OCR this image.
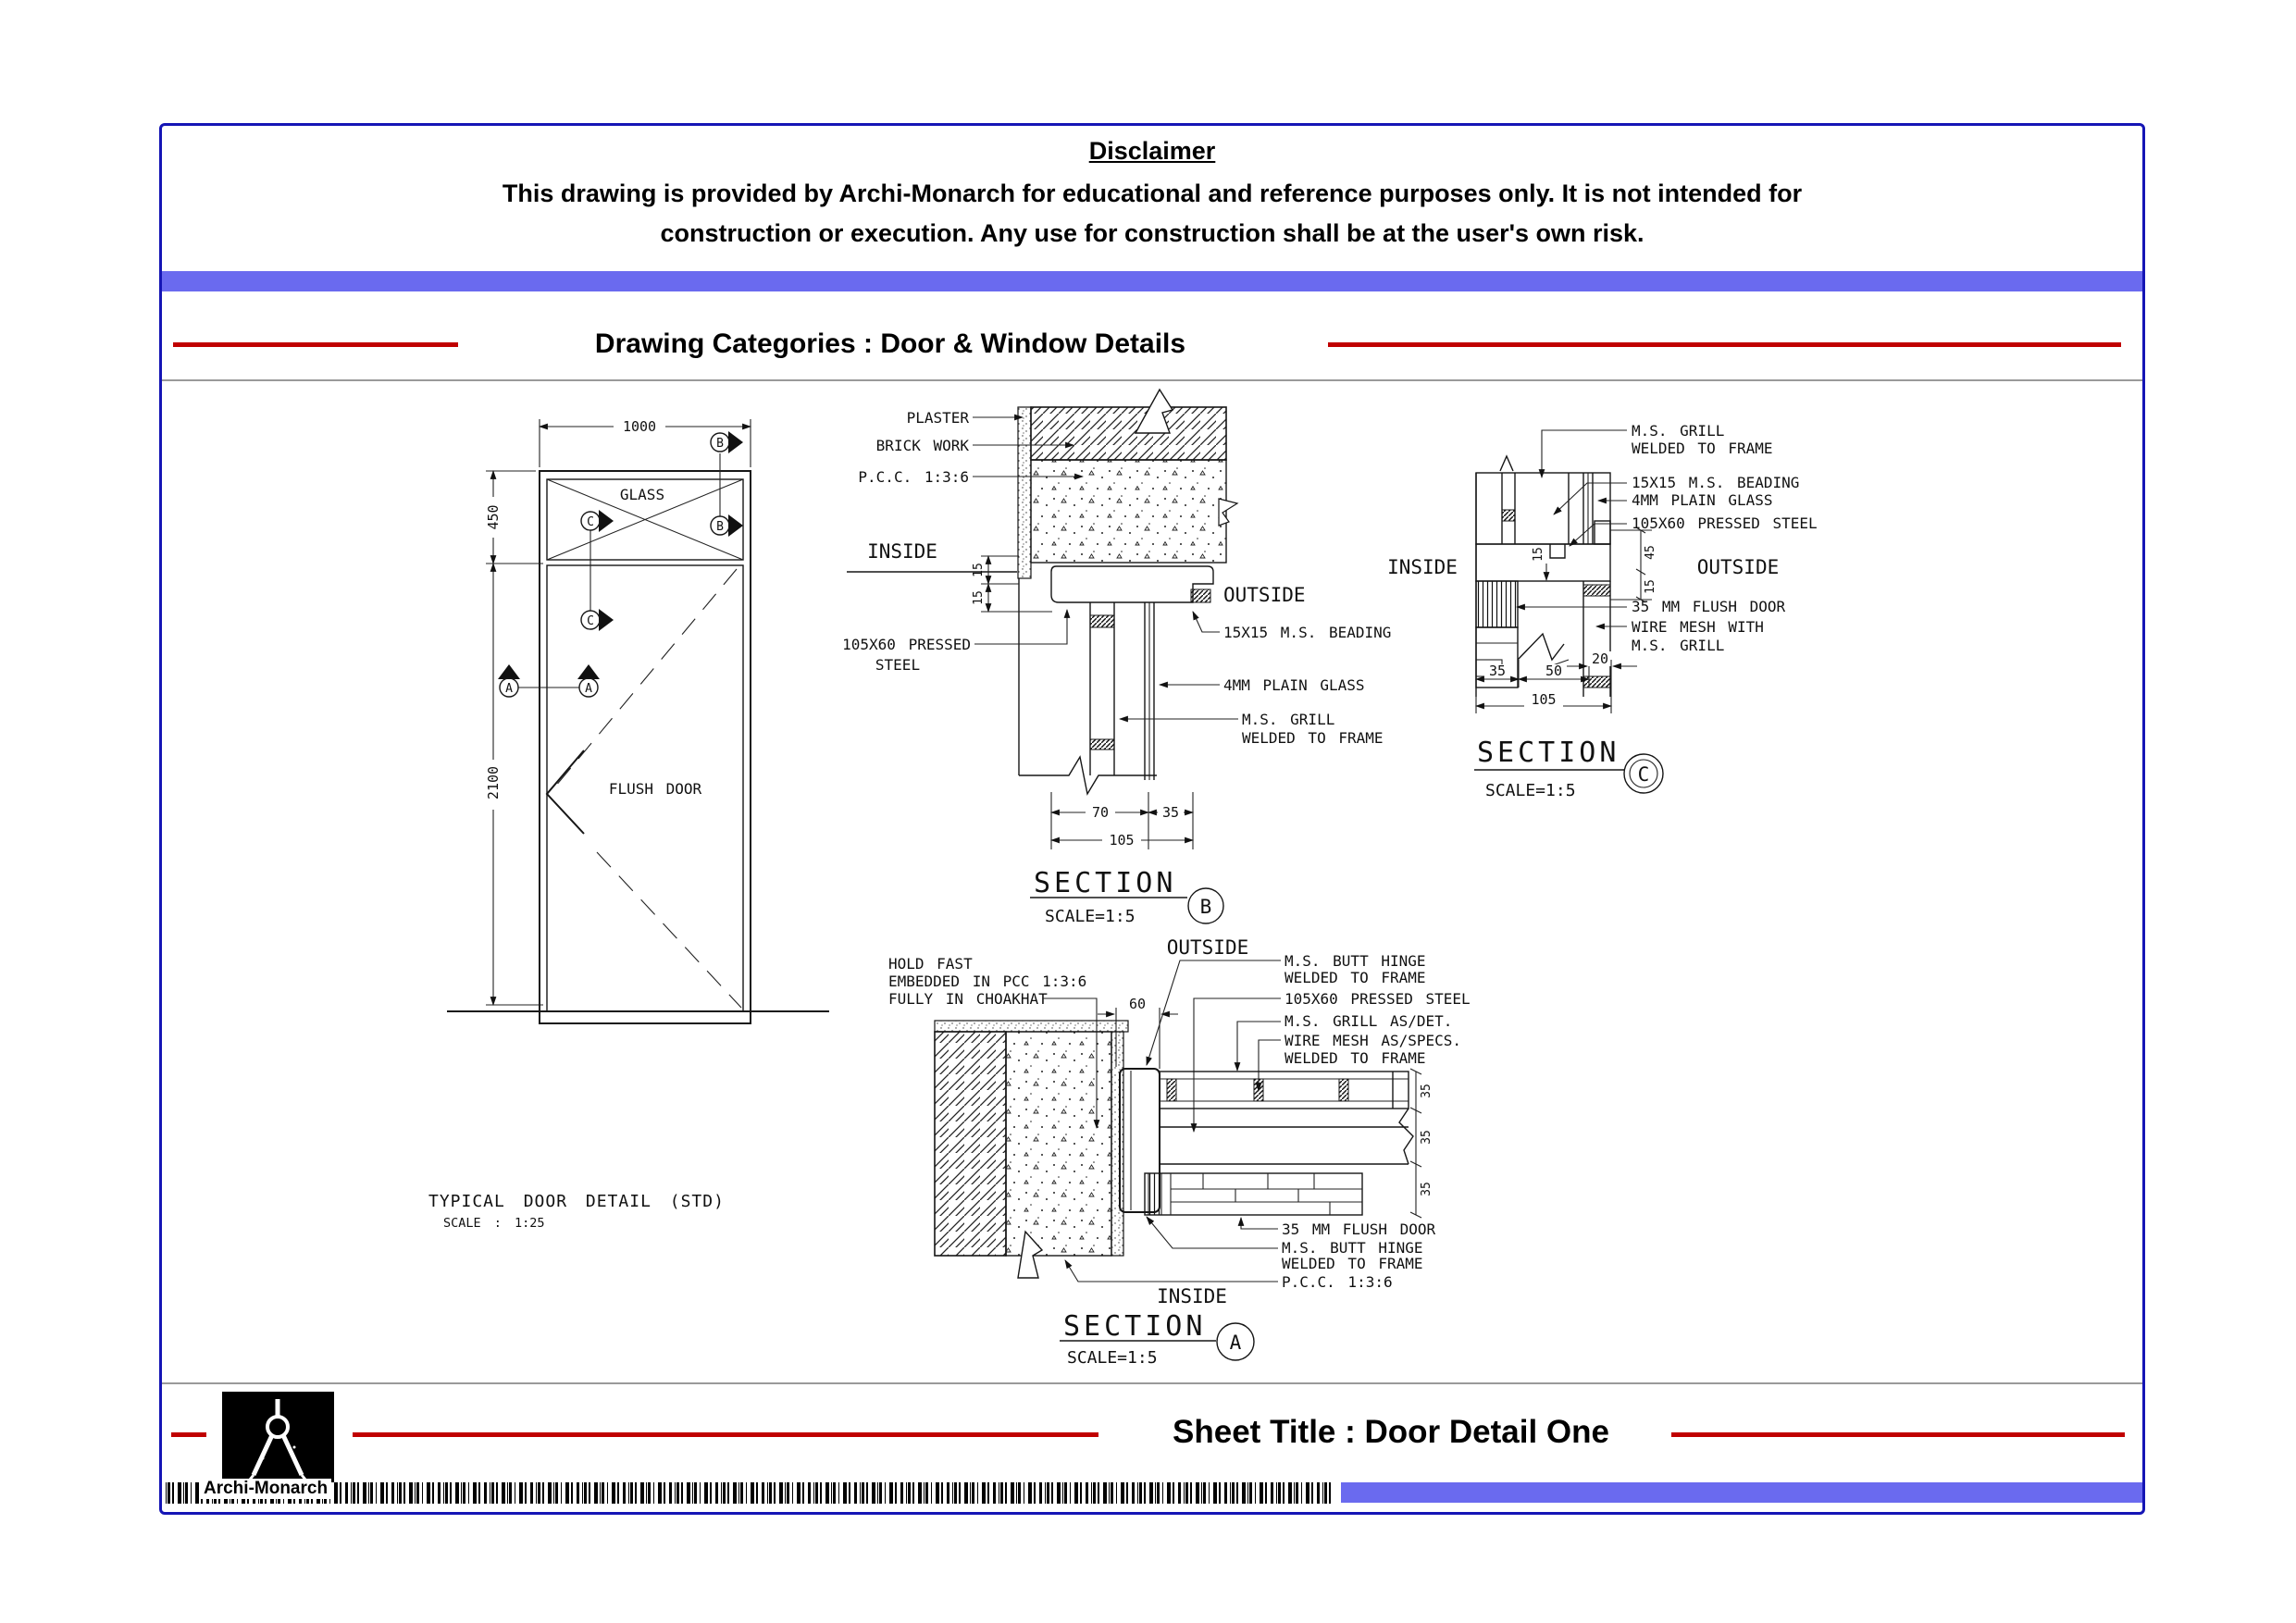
Disclaimer
This drawing is provided by Archi-Monarch for educational and reference purposes only. It is not intended for
construction or execution. Any use for construction shall be at the user's own risk.
Drawing Categories : Door & Window Details
1000
GLASS
450
2100	FLUSH DOOR
B
B
C
C
A	A
TYPICAL DOOR DETAIL (STD)
SCALE : 1:25
70	35
105
15
15
PLASTER
BRICK WORK
P.C.C. 1:3:6
INSIDE
105X60 PRESSED
STEEL
OUTSIDE
15X15 M.S. BEADING
4MM PLAIN GLASS
M.S. GRILL
WELDED TO FRAME
SECTION
SCALE=1:5	B
20
35	50
105
15	45
15
INSIDE	OUTSIDE
M.S. GRILL
WELDED TO FRAME
15X15 M.S. BEADING
4MM PLAIN GLASS
105X60 PRESSED STEEL
35 MM FLUSH DOOR
WIRE MESH WITH
M.S. GRILL
SECTION
SCALE=1:5
C
OUTSIDE
HOLD FAST
EMBEDDED IN PCC 1:3:6
FULLY IN CHOAKHAT	60
M.S. BUTT HINGE
WELDED TO FRAME
105X60 PRESSED STEEL
M.S. GRILL AS/DET.
WIRE MESH AS/SPECS.
WELDED TO FRAME
35
35
35
35 MM FLUSH DOOR
M.S. BUTT HINGE
WELDED TO FRAME
P.C.C. 1:3:6
INSIDE
SECTION
SCALE=1:5
A
Sheet Title : Door Detail One
Archi-Monarch
